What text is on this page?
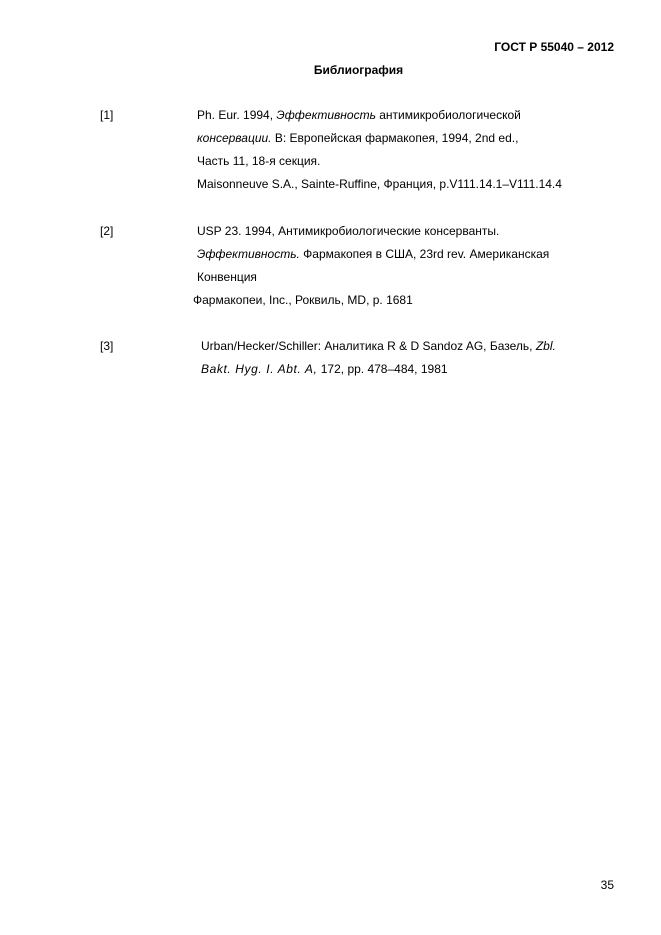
ГОСТ Р 55040 – 2012
Библиография
[1]	Ph. Eur. 1994, Эффективность антимикробиологической
консервации. В: Европейская фармакопея, 1994, 2nd ed.,
Часть 11, 18-я секция.
Maisonneuve S.A., Sainte-Ruffine, Франция, p.V111.14.1–V111.14.4
[2]	USP 23. 1994, Антимикробиологические консерванты.
Эффективность. Фармакопея в США, 23rd rev. Американская
Конвенция
Фармакопеи, Inc., Роквиль, MD, p. 1681
[3]	Urban/Hecker/Schiller: Аналитика R & D Sandoz AG, Базель, Zbl.
Bakt. Hyg. I. Abt. A, 172, pp. 478–484, 1981
35
